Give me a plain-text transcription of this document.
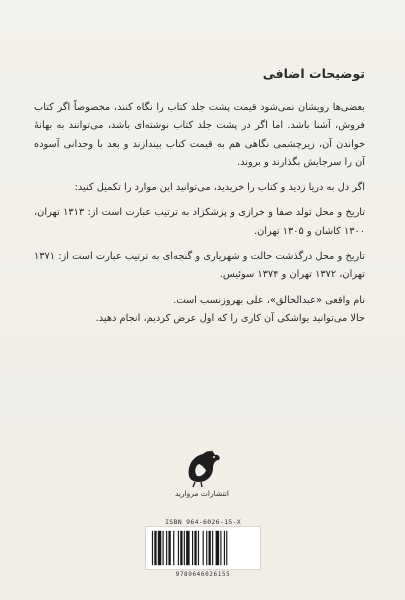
توضیحات اضافی

بعضی‌ها رویشان نمی‌شود قیمت پشت جلد کتاب را نگاه کنند، مخصوصاً اگر کتاب فروش، آشنا باشد. اما اگر در پشت جلد کتاب نوشته‌ای باشد، می‌توانند به بهانهٔ خواندن آن، زیرچشمی نگاهی هم به قیمت کتاب بیندازند و بعد با وجدانی آسوده آن را سرجایش بگذارند و بروند.

اگر دل به دریا زدید و کتاب را خریدید، می‌توانید این موارد را تکمیل کنید:

تاریخ و محل تولد صفا و خرازی و پزشکزاد به ترتیب عبارت است از: ۱۳۱۳ تهران، ۱۳۰۰ کاشان و ۱۳۰۵ تهران.

تاریخ و محل درگذشت حالت و شهریاری و گنجه‌ای به ترتیب عبارت است از: ۱۳۷۱ تهران، ۱۳۷۲ تهران و ۱۳۷۴ سوئیس.

نام واقعی «عبدالخالق»، علی بهروزنسب است.

حالا می‌توانید یواشکی آن کاری را که اول عرض کردیم، انجام دهید.

انتشارات مروارید
ISBN 964-6026-15-X
9789646026155
